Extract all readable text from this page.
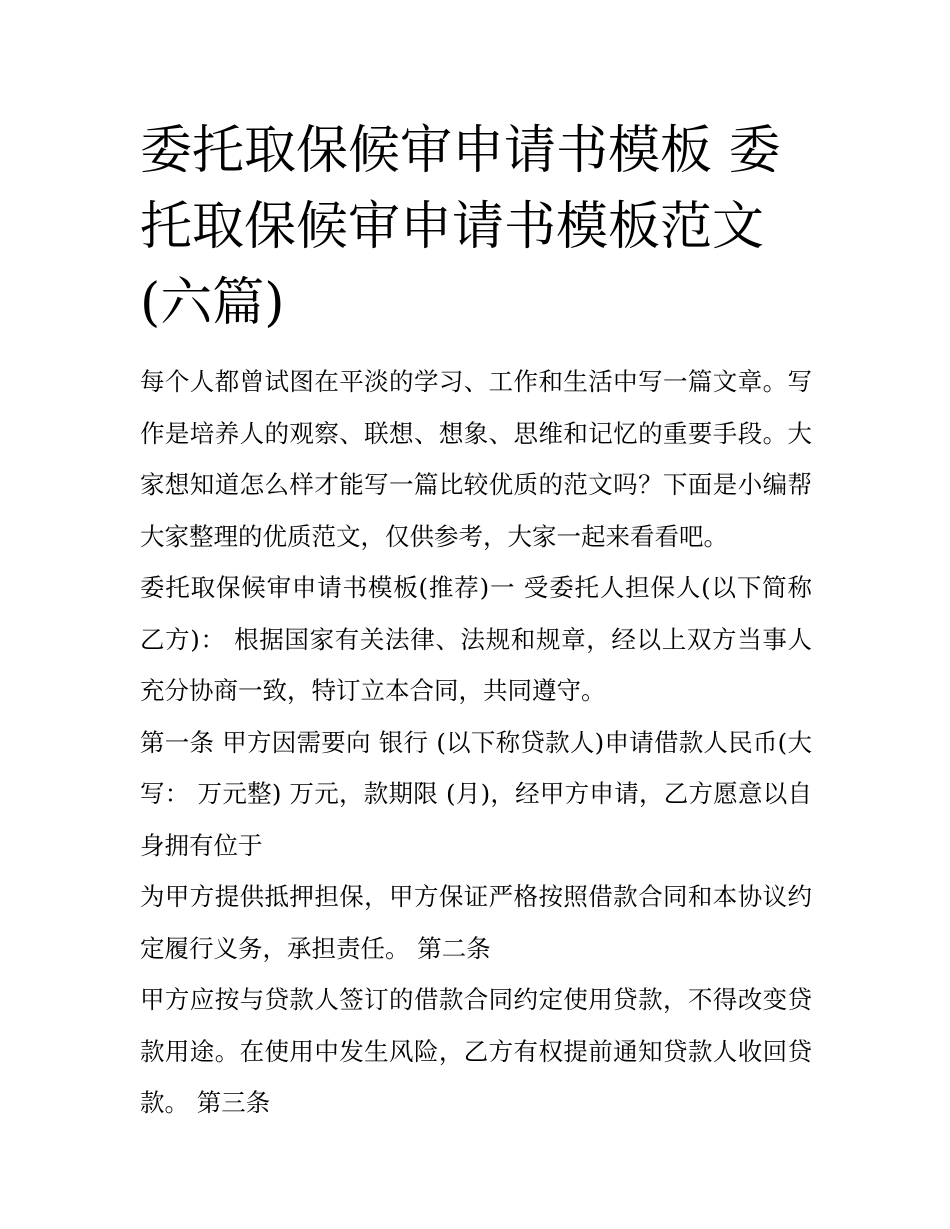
委托取保候审申请书模板 委托取保候审申请书模板范文(六篇)

每个人都曾试图在平淡的学习、工作和生活中写一篇文章。写作是培养人的观察、联想、想象、思维和记忆的重要手段。大家想知道怎么样才能写一篇比较优质的范文吗？下面是小编帮大家整理的优质范文，仅供参考，大家一起来看看吧。

委托取保候审申请书模板(推荐)一 受委托人担保人(以下简称乙方)： 根据国家有关法律、法规和规章，经以上双方当事人充分协商一致，特订立本合同，共同遵守。

第一条 甲方因需要向 银行 (以下称贷款人)申请借款人民币(大写： 万元整) 万元，款期限 (月)，经甲方申请，乙方愿意以自身拥有位于

为甲方提供抵押担保，甲方保证严格按照借款合同和本协议约定履行义务，承担责任。 第二条

甲方应按与贷款人签订的借款合同约定使用贷款，不得改变贷款用途。在使用中发生风险，乙方有权提前通知贷款人收回贷款。 第三条
